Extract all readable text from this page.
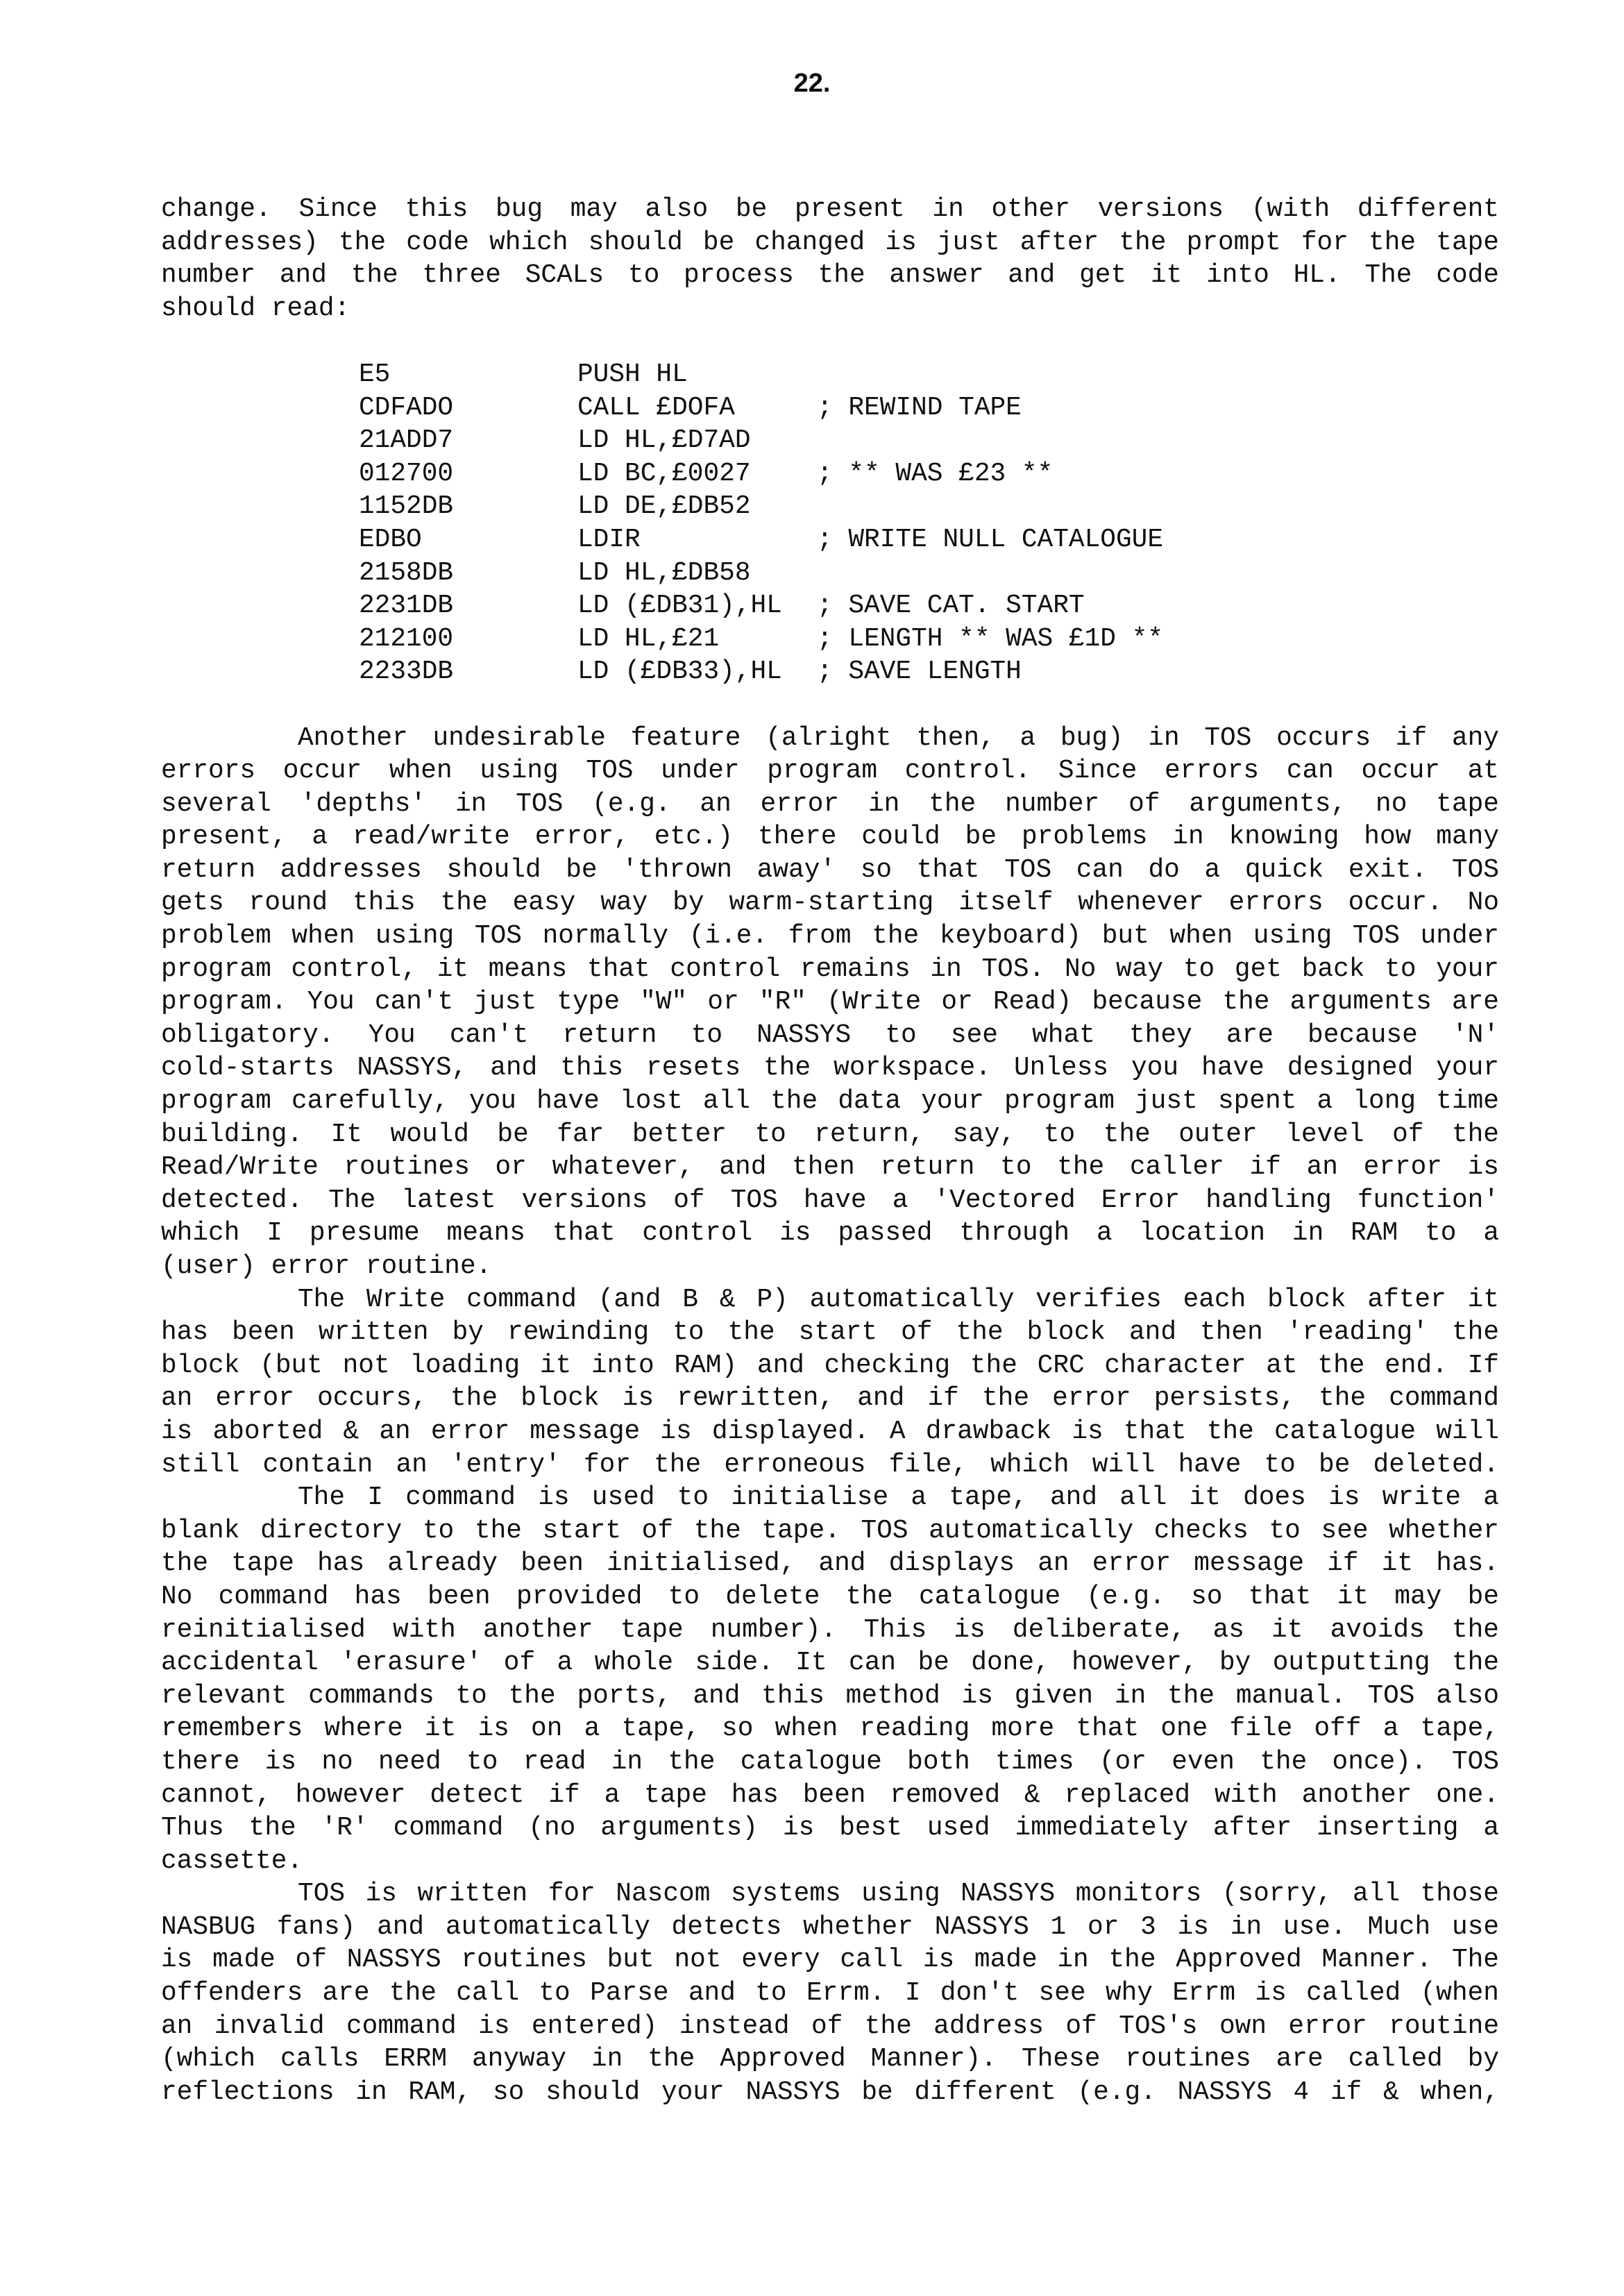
22.
change. Since this bug may also be present in other versions (with different
addresses) the code which should be changed is just after the prompt for the tape
number and the three SCALs to process the answer and get it into HL. The code
should read:
E5	PUSH HL
CDFADO	CALL £DOFA	; REWIND TAPE
21ADD7	LD HL,£D7AD
012700	LD BC,£0027	; ** WAS £23 **
1152DB	LD DE,£DB52
EDBO	LDIR	; WRITE NULL CATALOGUE
2158DB	LD HL,£DB58
2231DB	LD (£DB31),HL	; SAVE CAT. START
212100	LD HL,£21	; LENGTH ** WAS £1D **
2233DB	LD (£DB33),HL	; SAVE LENGTH
Another undesirable feature (alright then, a bug) in TOS occurs if any
errors occur when using TOS under program control. Since errors can occur at
several 'depths' in TOS (e.g. an error in the number of arguments, no tape
present, a read/write error, etc.) there could be problems in knowing how many
return addresses should be 'thrown away' so that TOS can do a quick exit. TOS
gets round this the easy way by warm-starting itself whenever errors occur. No
problem when using TOS normally (i.e. from the keyboard) but when using TOS under
program control, it means that control remains in TOS. No way to get back to your
program. You can't just type "W" or "R" (Write or Read) because the arguments are
obligatory. You can't return to NASSYS to see what they are because 'N'
cold-starts NASSYS, and this resets the workspace. Unless you have designed your
program carefully, you have lost all the data your program just spent a long time
building. It would be far better to return, say, to the outer level of the
Read/Write routines or whatever, and then return to the caller if an error is
detected. The latest versions of TOS have a 'Vectored Error handling function'
which I presume means that control is passed through a location in RAM to a
(user) error routine.
The Write command (and B & P) automatically verifies each block after it
has been written by rewinding to the start of the block and then 'reading' the
block (but not loading it into RAM) and checking the CRC character at the end. If
an error occurs, the block is rewritten, and if the error persists, the command
is aborted & an error message is displayed. A drawback is that the catalogue will
still contain an 'entry' for the erroneous file, which will have to be deleted.
The I command is used to initialise a tape, and all it does is write a
blank directory to the start of the tape. TOS automatically checks to see whether
the tape has already been initialised, and displays an error message if it has.
No command has been provided to delete the catalogue (e.g. so that it may be
reinitialised with another tape number). This is deliberate, as it avoids the
accidental 'erasure' of a whole side. It can be done, however, by outputting the
relevant commands to the ports, and this method is given in the manual. TOS also
remembers where it is on a tape, so when reading more that one file off a tape,
there is no need to read in the catalogue both times (or even the once). TOS
cannot, however detect if a tape has been removed & replaced with another one.
Thus the 'R' command (no arguments) is best used immediately after inserting a
cassette.
TOS is written for Nascom systems using NASSYS monitors (sorry, all those
NASBUG fans) and automatically detects whether NASSYS 1 or 3 is in use. Much use
is made of NASSYS routines but not every call is made in the Approved Manner. The
offenders are the call to Parse and to Errm. I don't see why Errm is called (when
an invalid command is entered) instead of the address of TOS's own error routine
(which calls ERRM anyway in the Approved Manner). These routines are called by
reflections in RAM, so should your NASSYS be different (e.g. NASSYS 4 if & when,
